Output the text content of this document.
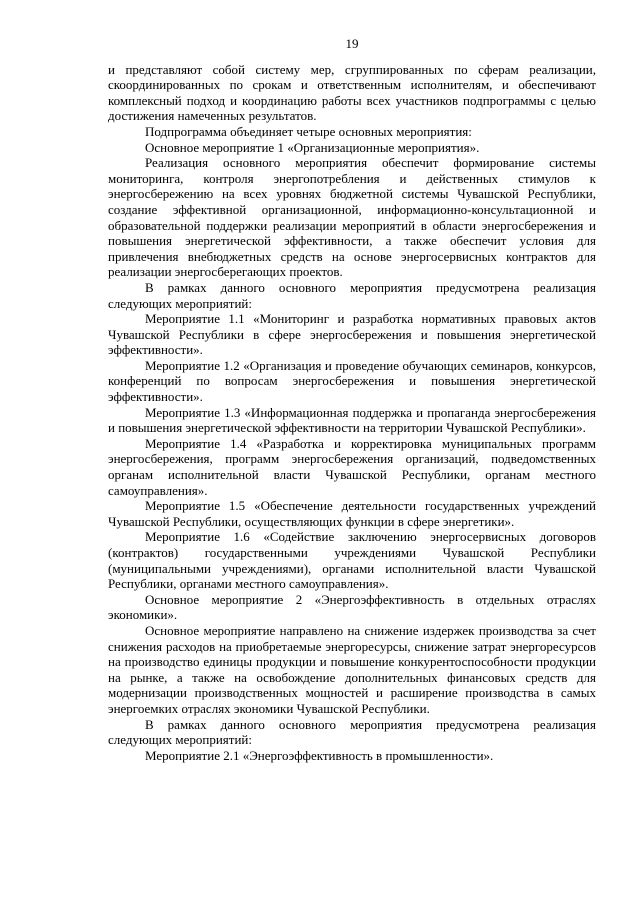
19

и представляют собой систему мер, сгруппированных по сферам реализации, скоординированных по срокам и ответственным исполнителям, и обеспечивают комплексный подход и координацию работы всех участников подпрограммы с целью достижения намеченных результатов.

Подпрограмма объединяет четыре основных мероприятия:

Основное мероприятие 1 «Организационные мероприятия».

Реализация основного мероприятия обеспечит формирование системы мониторинга, контроля энергопотребления и действенных стимулов к энергосбережению на всех уровнях бюджетной системы Чувашской Республики, создание эффективной организационной, информационно-консультационной и образовательной поддержки реализации мероприятий в области энергосбережения и повышения энергетической эффективности, а также обеспечит условия для привлечения внебюджетных средств на основе энергосервисных контрактов для реализации энергосберегающих проектов.

В рамках данного основного мероприятия предусмотрена реализация следующих мероприятий:

Мероприятие 1.1 «Мониторинг и разработка нормативных правовых актов Чувашской Республики в сфере энергосбережения и повышения энергетической эффективности».

Мероприятие 1.2 «Организация и проведение обучающих семинаров, конкурсов, конференций по вопросам энергосбережения и повышения энергетической эффективности».

Мероприятие 1.3 «Информационная поддержка и пропаганда энергосбережения и повышения энергетической эффективности на территории Чувашской Республики».

Мероприятие 1.4 «Разработка и корректировка муниципальных программ энергосбережения, программ энергосбережения организаций, подведомственных органам исполнительной власти Чувашской Республики, органам местного самоуправления».

Мероприятие 1.5 «Обеспечение деятельности государственных учреждений Чувашской Республики, осуществляющих функции в сфере энергетики».

Мероприятие 1.6 «Содействие заключению энергосервисных договоров (контрактов) государственными учреждениями Чувашской Республики (муниципальными учреждениями), органами исполнительной власти Чувашской Республики, органами местного самоуправления».

Основное мероприятие 2 «Энергоэффективность в отдельных отраслях экономики».

Основное мероприятие направлено на снижение издержек производства за счет снижения расходов на приобретаемые энергоресурсы, снижение затрат энергоресурсов на производство единицы продукции и повышение конкурентоспособности продукции на рынке, а также на освобождение дополнительных финансовых средств для модернизации производственных мощностей и расширение производства в самых энергоемких отраслях экономики Чувашской Республики.

В рамках данного основного мероприятия предусмотрена реализация следующих мероприятий:

Мероприятие 2.1 «Энергоэффективность в промышленности».
